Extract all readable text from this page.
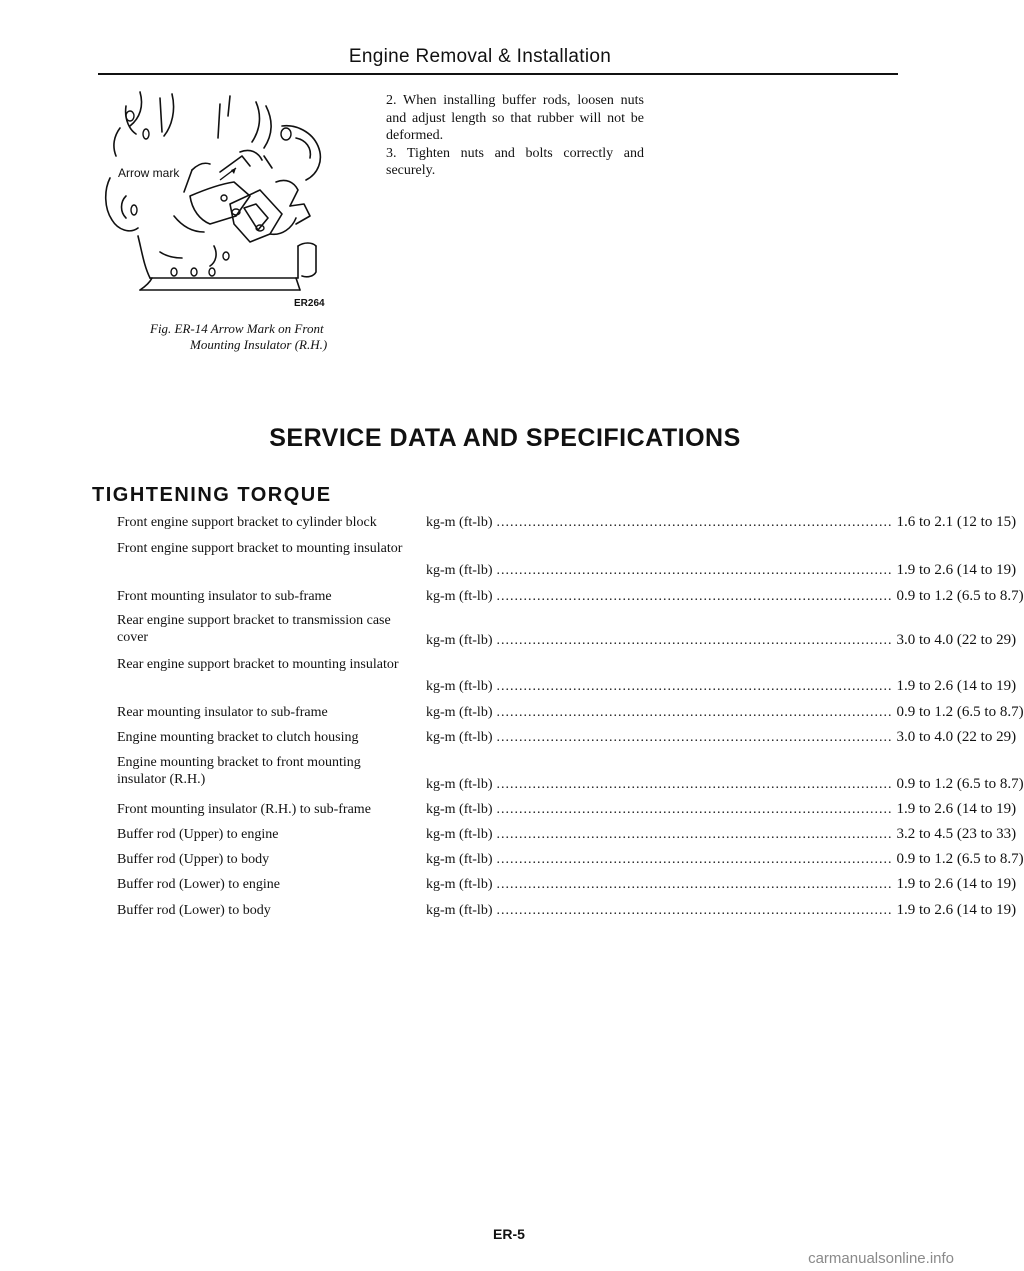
Engine Removal & Installation
Arrow mark
ER264
Fig. ER-14 Arrow Mark on Front
Mounting Insulator (R.H.)

2. When installing buffer rods, loosen nuts and adjust length so that rubber will not be deformed.

3. Tighten nuts and bolts correctly and securely.

SERVICE DATA AND SPECIFICATIONS
TIGHTENING TORQUE
Front engine support bracket to cylinder block	kg-m (ft-lb) ........................................................................................ 1.6 to 2.1 (12 to 15)
Front engine support bracket to mounting insulator
kg-m (ft-lb) ........................................................................................ 1.9 to 2.6 (14 to 19)
Front mounting insulator to sub-frame	kg-m (ft-lb) ........................................................................................ 0.9 to 1.2 (6.5 to 8.7)
Rear engine support bracket to transmission case cover	kg-m (ft-lb) ........................................................................................ 3.0 to 4.0 (22 to 29)
Rear engine support bracket to mounting insulator
kg-m (ft-lb) ........................................................................................ 1.9 to 2.6 (14 to 19)
Rear mounting insulator to sub-frame	kg-m (ft-lb) ........................................................................................ 0.9 to 1.2 (6.5 to 8.7)
Engine mounting bracket to clutch housing	kg-m (ft-lb) ........................................................................................ 3.0 to 4.0 (22 to 29)
Engine mounting bracket to front mounting insulator (R.H.)	kg-m (ft-lb) ........................................................................................ 0.9 to 1.2 (6.5 to 8.7)
Front mounting insulator (R.H.) to sub-frame	kg-m (ft-lb) ........................................................................................ 1.9 to 2.6 (14 to 19)
Buffer rod (Upper) to engine	kg-m (ft-lb) ........................................................................................ 3.2 to 4.5 (23 to 33)
Buffer rod (Upper) to body	kg-m (ft-lb) ........................................................................................ 0.9 to 1.2 (6.5 to 8.7)
Buffer rod (Lower) to engine	kg-m (ft-lb) ........................................................................................ 1.9 to 2.6 (14 to 19)
Buffer rod (Lower) to body	kg-m (ft-lb) ........................................................................................ 1.9 to 2.6 (14 to 19)
ER-5
carmanualsonline.info
